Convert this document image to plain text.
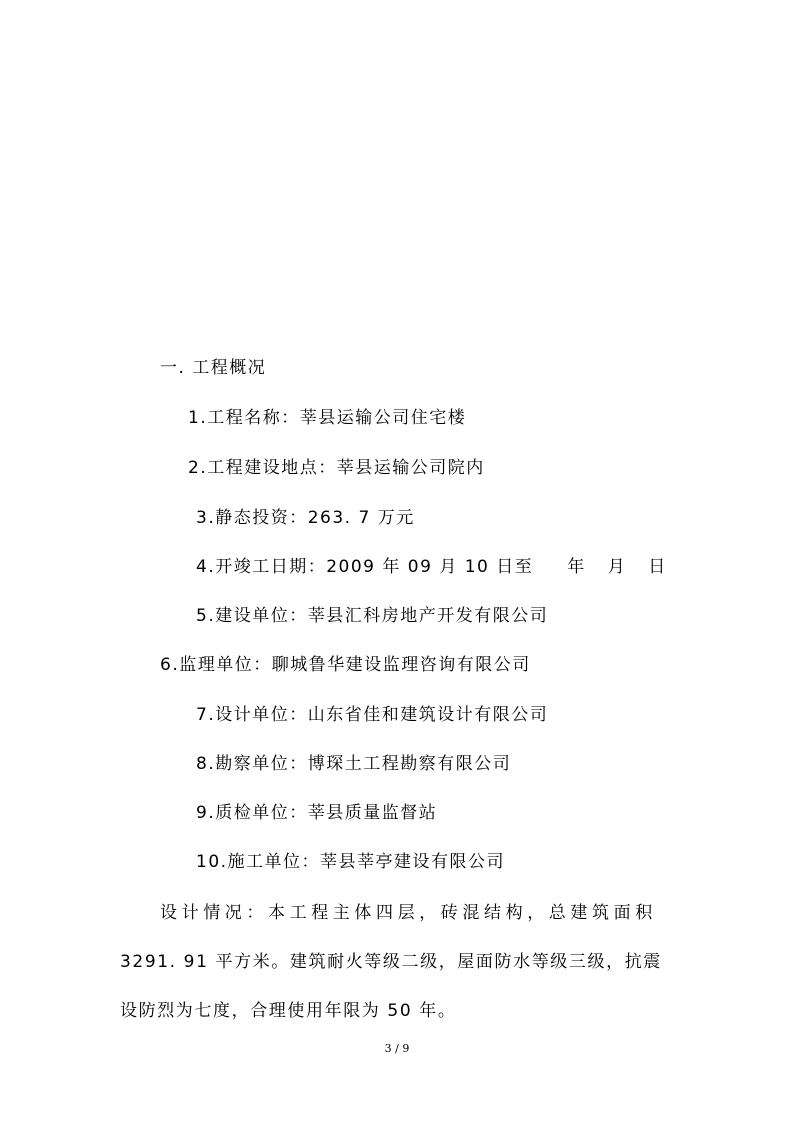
一. 工程概况
1.工程名称：莘县运输公司住宅楼
2.工程建设地点：莘县运输公司院内
3.静态投资：263. 7 万元
4.开竣工日期：2009 年 09 月 10 日至 年 月 日
5.建设单位：莘县汇科房地产开发有限公司
6.监理单位：聊城鲁华建设监理咨询有限公司
7.设计单位：山东省佳和建筑设计有限公司
8.勘察单位：博琛土工程勘察有限公司
9.质检单位：莘县质量监督站
10.施工单位：莘县莘亭建设有限公司
设计情况：本工程主体四层，砖混结构，总建筑面积
3291. 91 平方米。建筑耐火等级二级，屋面防水等级三级，抗震
设防烈为七度，合理使用年限为 50 年。
3 / 9
